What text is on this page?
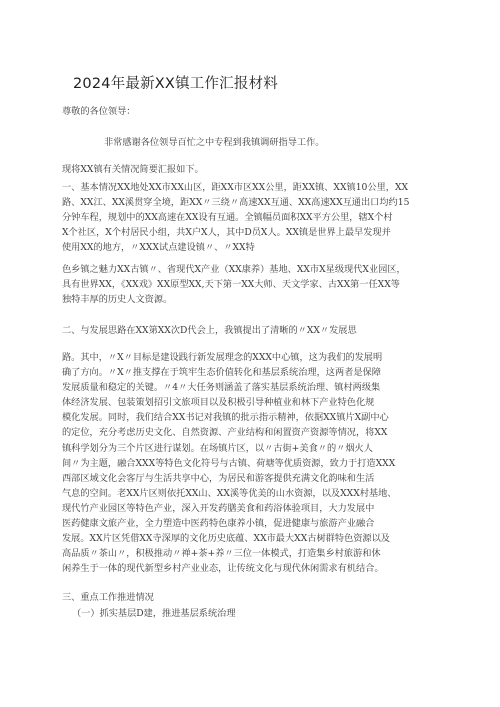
2024年最新XX镇工作汇报材料
尊敬的各位领导：
非常感谢各位领导百忙之中专程到我镇调研指导工作。
现将XX镇有关情况简要汇报如下。
一、基本情况XX地处XX市XX山区，距XX市区XX公里，距XX镇、XX镇10公里，XX
路、XX江、XX溪贯穿全境，距XX〃三绕〃高速XX互通、XX高速XX互通出口均约15
分钟车程，规划中的XX高速在XX设有互通。全镇幅员面积XX平方公里，辖X个村
X个社区，X个村居民小组，共X户X人，其中D员X人。XX镇是世界上最早发现并
使用XX的地方，〃XXX试点建设镇〃、〃XX特
色乡镇之魅力XX古镇〃、省现代X产业（XX康养）基地、XX市X星级现代X业园区，
具有世界XX，《XX戏》XX原型XX,天下第一XX大师、天文学家、古XX第一任XX等
独特丰厚的历史人文资源。
二、与发展思路在XX第XX次D代会上，我镇提出了清晰的〃XX〃发展思
路。其中，〃X〃目标是建设践行新发展理念的XXX中心镇，这为我们的发展明
确了方向。〃X〃推支撑在于筑牢生态价值转化和基层系统治理，这两者是保障
发展质量和稳定的关键。〃4〃大任务则涵盖了落实基层系统治理、镇村两级集
体经济发展、包装策划招引文旅项目以及积极引导种植业和林下产业特色化规
模化发展。同时，我们结合XX书记对我镇的批示指示精神，依据XX镇片X副中心
的定位，充分考虑历史文化、自然资源、产业结构和闲置资产资源等情况，将XX
镇科学划分为三个片区进行谋划。在场镇片区，以〃古街+美食〃的〃烟火人
间〃为主题，融合XXX等特色文化符号与古镇、荷塘等优质资源，致力于打造XXX
西部区域文化会客厅与生活共享中心，为居民和游客提供充满文化韵味和生活
气息的空间。老XX片区则依托XX山、XX溪等优美的山水资源，以及XXX村基地、
现代竹产业园区等特色产业，深入开发药膳美食和药浴体验项目，大力发展中
医药健康文旅产业，全力塑造中医药特色康养小镇，促进健康与旅游产业融合
发展。XX片区凭借XX寺深厚的文化历史底蕴、XX市最大XX古树群特色资源以及
高品质〃茶山〃，积极推动〃禅+茶+养〃三位一体模式，打造集乡村旅游和休
闲养生于一体的现代新型乡村产业业态，让传统文化与现代休闲需求有机结合。
三、重点工作推进情况
（一）抓实基层D建，推进基层系统治理
